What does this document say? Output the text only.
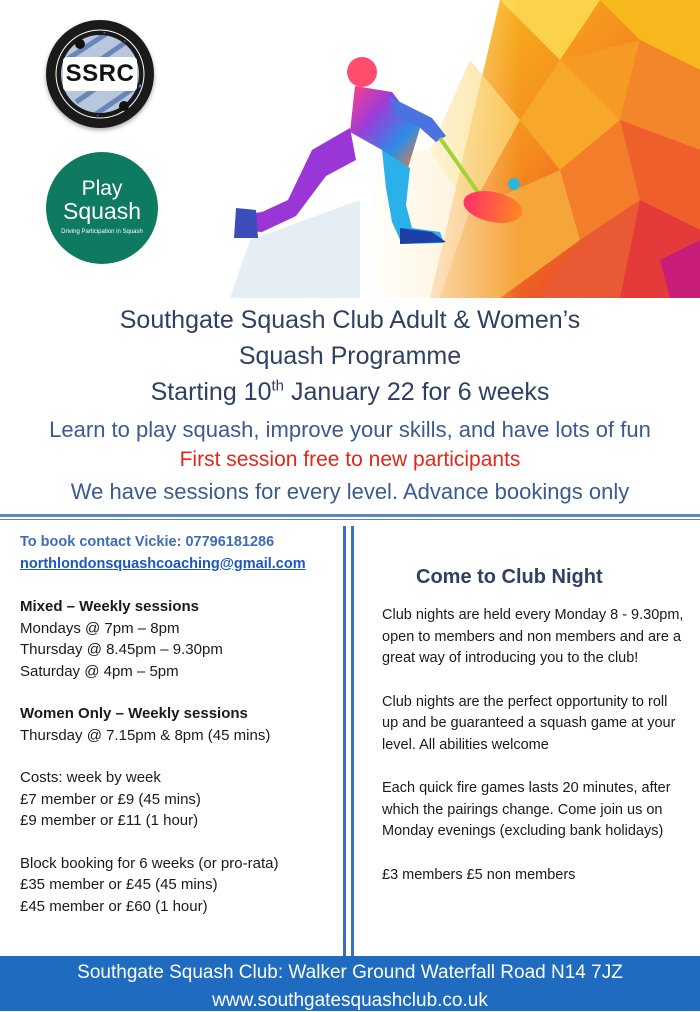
SSRC
Play
Squash
Driving Participation in Squash
Southgate Squash Club Adult & Women’s
Squash Programme
Starting 10th January 22 for 6 weeks
Learn to play squash, improve your skills, and have lots of fun
First session free to new participants
We have sessions for every level. Advance bookings only
To book contact Vickie: 07796181286
northlondonsquashcoaching@gmail.com
Mixed – Weekly sessions
Mondays @ 7pm – 8pm
Thursday @ 8.45pm – 9.30pm
Saturday @ 4pm – 5pm
Women Only – Weekly sessions
Thursday @ 7.15pm & 8pm (45 mins)
Costs: week by week
£7 member or £9 (45 mins)
£9 member or £11 (1 hour)
Block booking for 6 weeks (or pro-rata)
£35 member or £45 (45 mins)
£45 member or £60 (1 hour)
Come to Club Night

Club nights are held every Monday 8 - 9.30pm, open to members and non members and are a great way of introducing you to the club!

Club nights are the perfect opportunity to roll up and be guaranteed a squash game at your level. All abilities welcome

Each quick fire games lasts 20 minutes, after which the pairings change. Come join us on Monday evenings (excluding bank holidays)

£3 members £5 non members

Southgate Squash Club: Walker Ground Waterfall Road N14 7JZ
www.southgatesquashclub.co.uk
